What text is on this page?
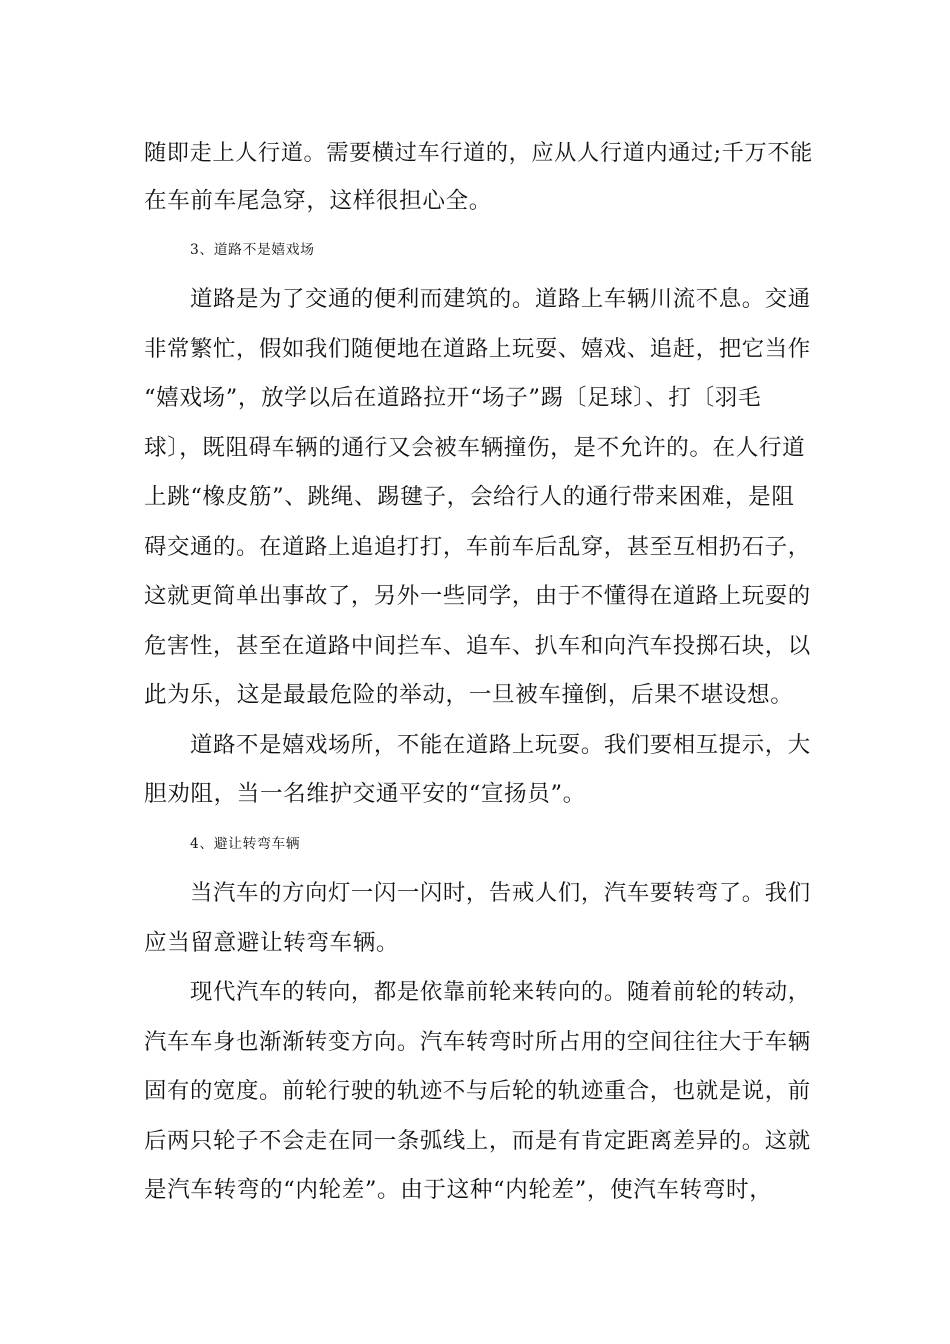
随即走上人行道。需要横过车行道的，应从人行道内通过;千万不能
在车前车尾急穿，这样很担心全。
3、道路不是嬉戏场
道路是为了交通的便利而建筑的。道路上车辆川流不息。交通
非常繁忙，假如我们随便地在道路上玩耍、嬉戏、追赶，把它当作
“嬉戏场”，放学以后在道路拉开“场子”踢〔足球〕、打〔羽毛
球〕，既阻碍车辆的通行又会被车辆撞伤，是不允许的。在人行道
上跳“橡皮筋”、跳绳、踢毽子，会给行人的通行带来困难，是阻
碍交通的。在道路上追追打打，车前车后乱穿，甚至互相扔石子，
这就更简单出事故了，另外一些同学，由于不懂得在道路上玩耍的
危害性，甚至在道路中间拦车、追车、扒车和向汽车投掷石块，以
此为乐，这是最最危险的举动，一旦被车撞倒，后果不堪设想。
道路不是嬉戏场所，不能在道路上玩耍。我们要相互提示，大
胆劝阻，当一名维护交通平安的“宣扬员”。
4、避让转弯车辆
当汽车的方向灯一闪一闪时，告戒人们，汽车要转弯了。我们
应当留意避让转弯车辆。
现代汽车的转向，都是依靠前轮来转向的。随着前轮的转动，
汽车车身也渐渐转变方向。汽车转弯时所占用的空间往往大于车辆
固有的宽度。前轮行驶的轨迹不与后轮的轨迹重合，也就是说，前
后两只轮子不会走在同一条弧线上，而是有肯定距离差异的。这就
是汽车转弯的“内轮差”。由于这种“内轮差”，使汽车转弯时，
